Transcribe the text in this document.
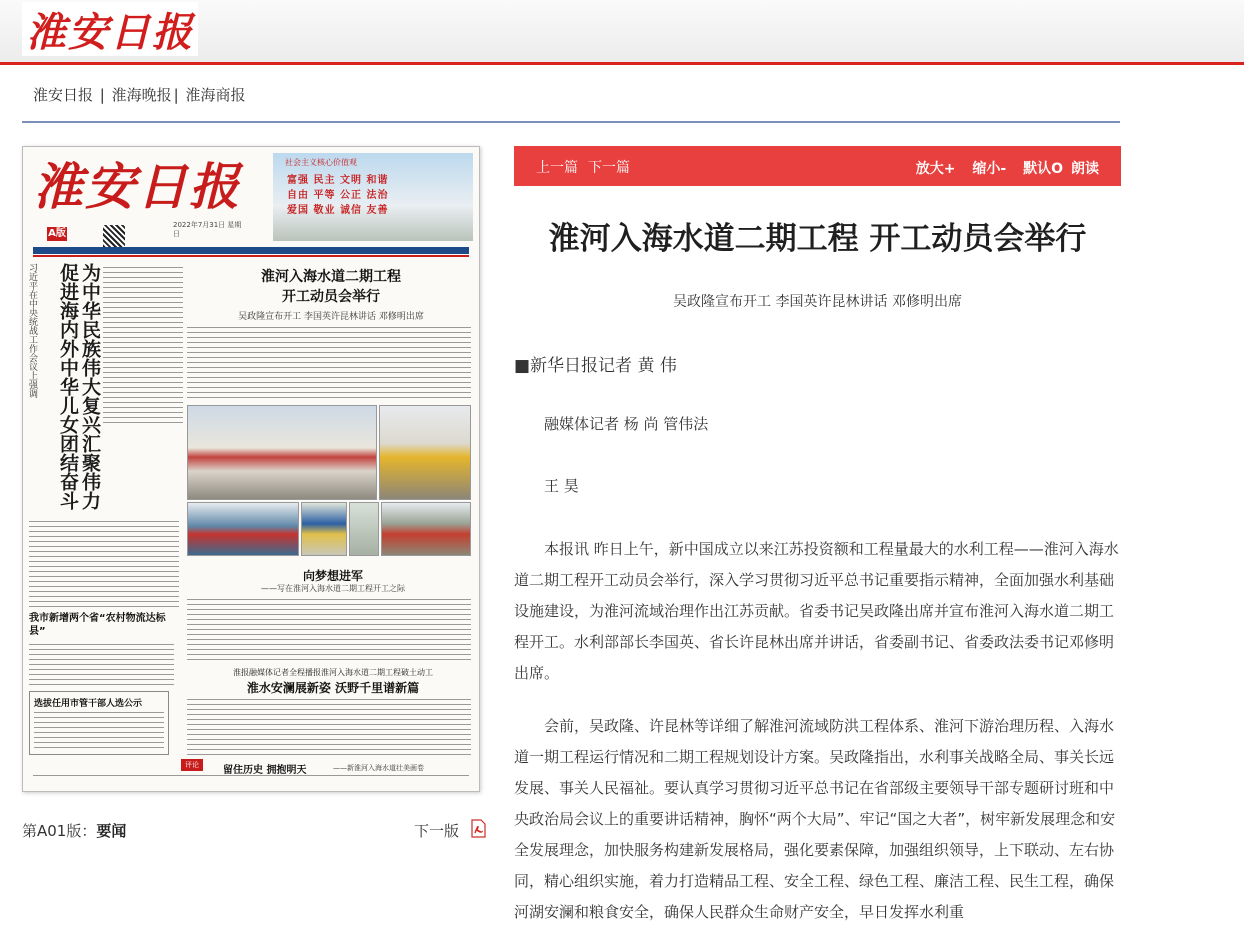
淮安日报
淮安日报 | 淮海晚报 | 淮海商报
淮安日报
A版
2022年7月31日 星期日
社会主义核心价值观
富强 民主 文明 和谐
自由 平等 公正 法治
爱国 敬业 诚信 友善
习近平在中央统战工作会议上强调	为中华民族伟大复兴汇聚伟力 促进海内外中华儿女团结奋斗	淮河入海水道二期工程
开工动员会举行
吴政隆宣布开工 李国英许昆林讲话 邓修明出席
向梦想进军
——写在淮河入海水道二期工程开工之际
淮报融媒体记者全程播报淮河入海水道二期工程破土动工
淮水安澜展新姿 沃野千里谱新篇
我市新增两个省“农村物流达标县”
选拔任用市管干部人选公示
评论	留住历史 拥抱明天	——新淮河入海水道壮美画卷
第A01版：要闻	下一版
上一篇 下一篇	放大+ 缩小- 默认O 朗读
淮河入海水道二期工程 开工动员会举行
吴政隆宣布开工 李国英许昆林讲话 邓修明出席
■新华日报记者 黄 伟
融媒体记者 杨 尚 管伟法
王 昊
本报讯 昨日上午，新中国成立以来江苏投资额和工程量最大的水利工程——淮河入海水道二期工程开工动员会举行，深入学习贯彻习近平总书记重要指示精神，全面加强水利基础设施建设，为淮河流域治理作出江苏贡献。省委书记吴政隆出席并宣布淮河入海水道二期工程开工。水利部部长李国英、省长许昆林出席并讲话，省委副书记、省委政法委书记邓修明出席。
会前，吴政隆、许昆林等详细了解淮河流域防洪工程体系、淮河下游治理历程、入海水道一期工程运行情况和二期工程规划设计方案。吴政隆指出，水利事关战略全局、事关长远发展、事关人民福祉。要认真学习贯彻习近平总书记在省部级主要领导干部专题研讨班和中央政治局会议上的重要讲话精神，胸怀“两个大局”、牢记“国之大者”，树牢新发展理念和安全发展理念，加快服务构建新发展格局，强化要素保障，加强组织领导，上下联动、左右协同，精心组织实施，着力打造精品工程、安全工程、绿色工程、廉洁工程、民生工程，确保河湖安澜和粮食安全，确保人民群众生命财产安全，早日发挥水利重
